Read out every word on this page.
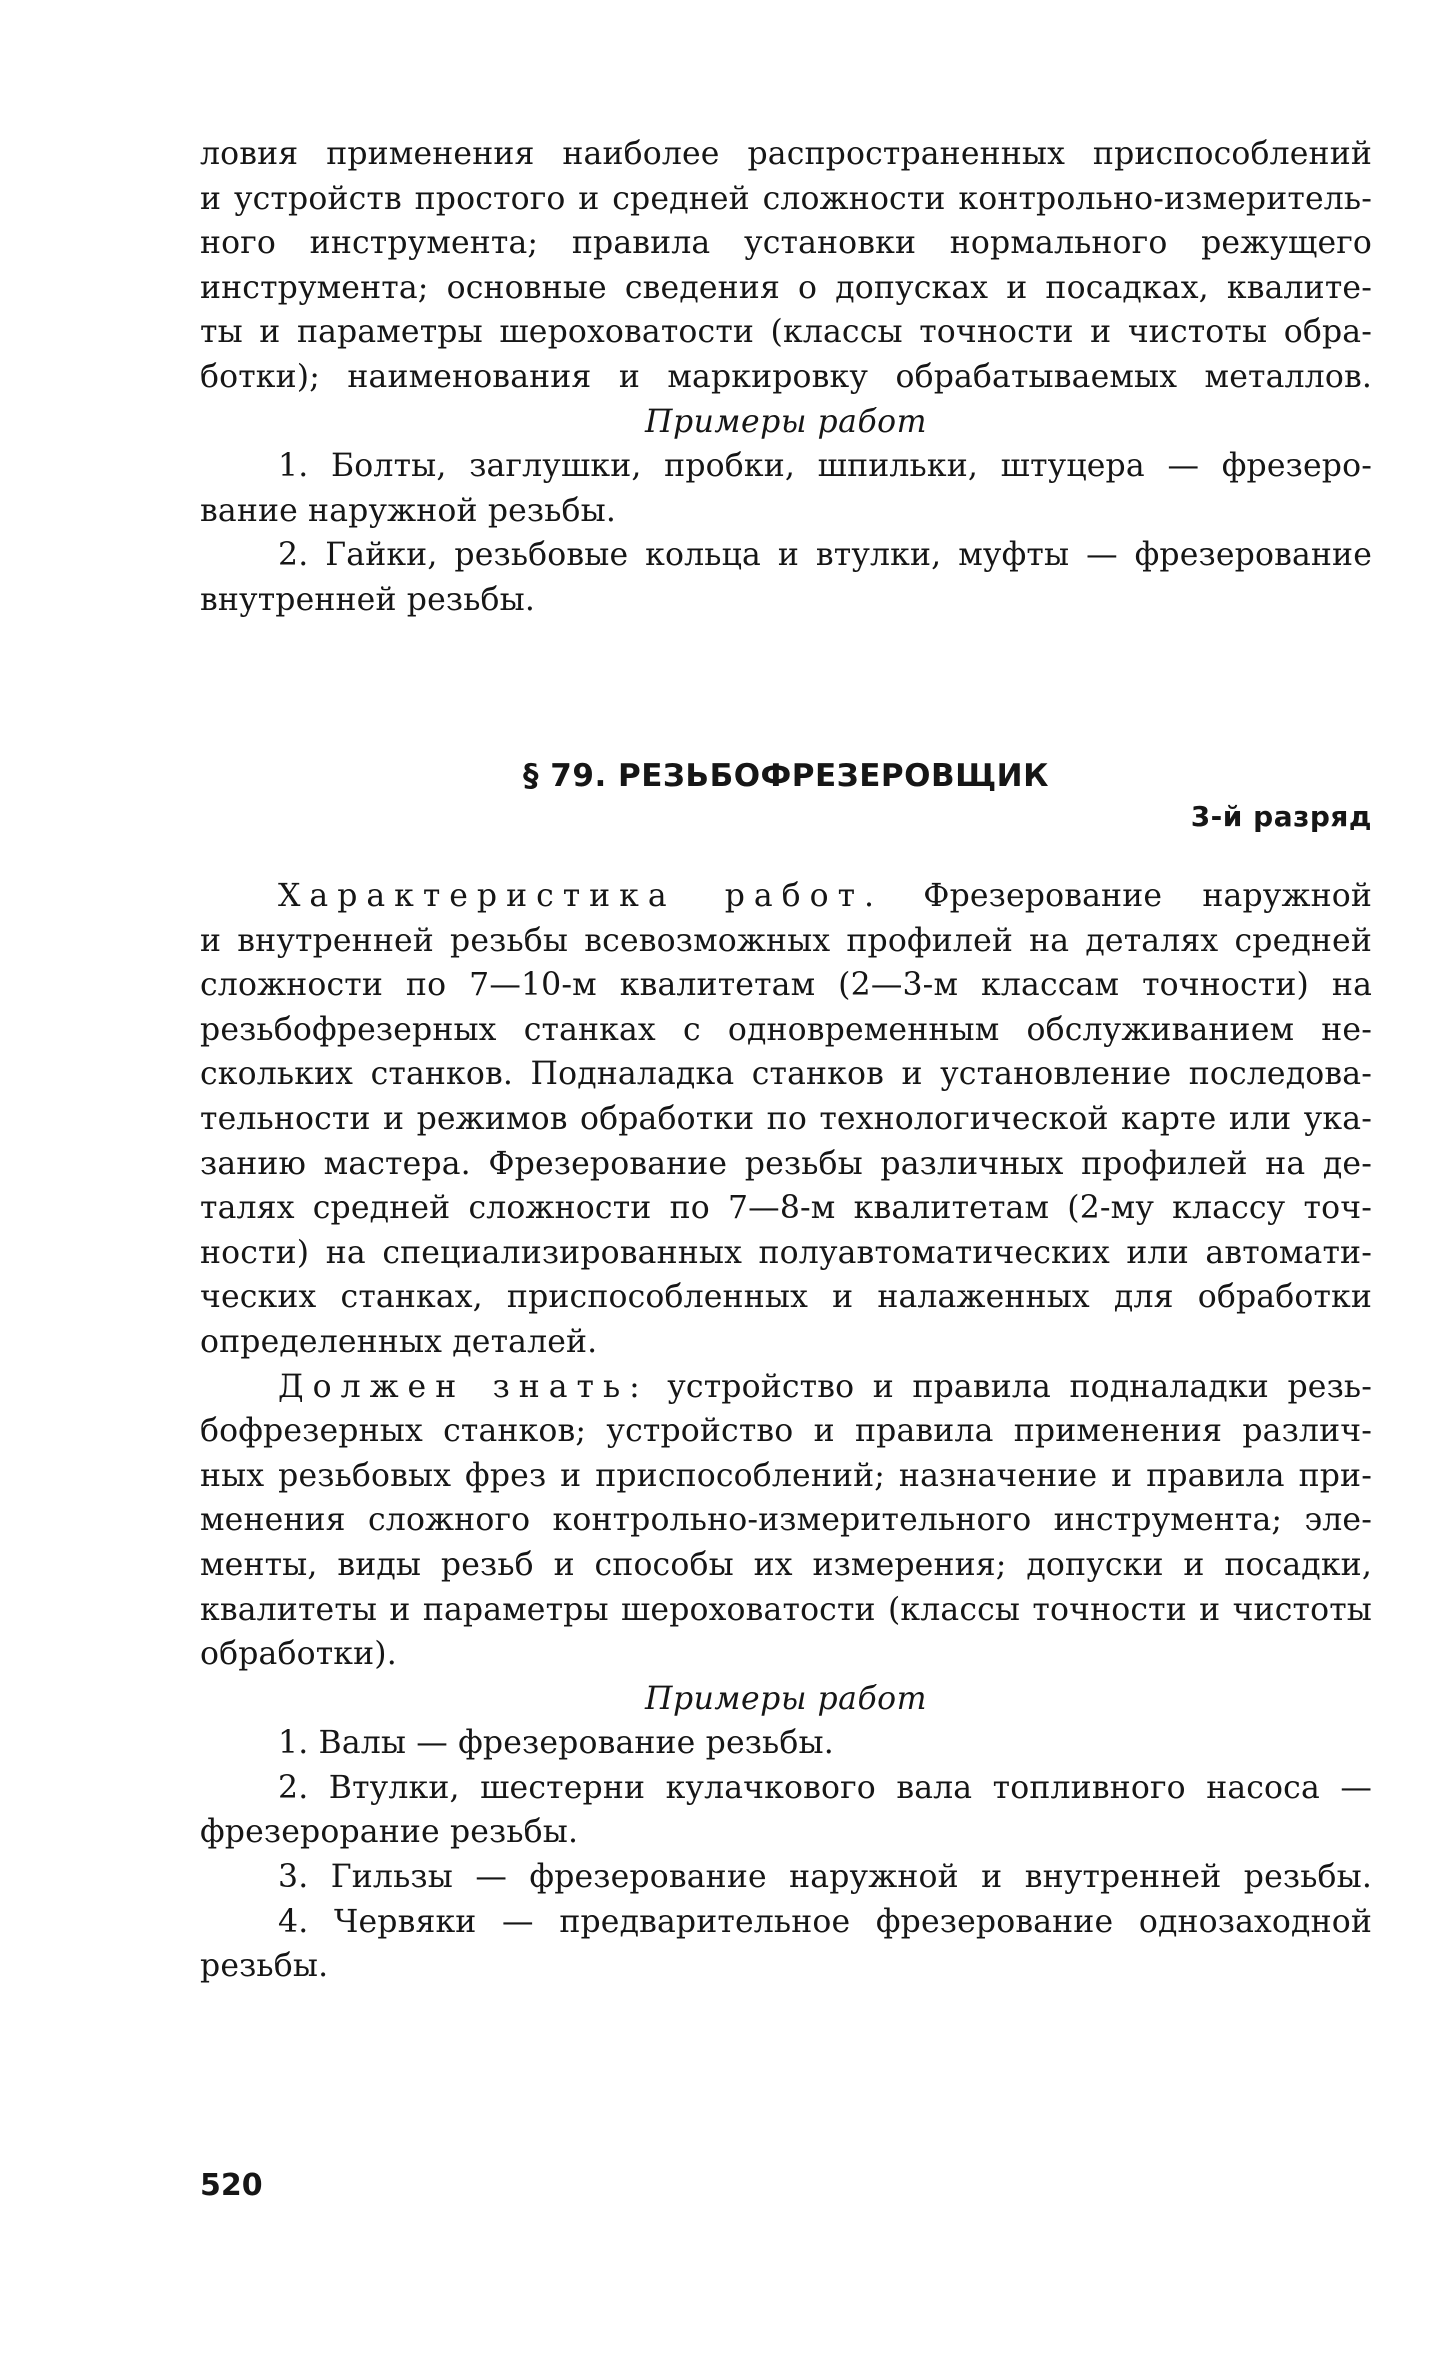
ловия применения наиболее распространенных приспособлений
и устройств простого и средней сложности контрольно-измеритель-
ного инструмента; правила установки нормального режущего
инструмента; основные сведения о допусках и посадках, квалите-
ты и параметры шероховатости (классы точности и чистоты обра-
ботки); наименования и маркировку обрабатываемых металлов.
Примеры работ
1. Болты, заглушки, пробки, шпильки, штуцера — фрезеро-
вание наружной резьбы.
2. Гайки, резьбовые кольца и втулки, муфты — фрезерование
внутренней резьбы.
§ 79. РЕЗЬБОФРЕЗЕРОВЩИК
3-й разряд
Характеристика работ. Фрезерование наружной
и внутренней резьбы всевозможных профилей на деталях средней
сложности по 7—10-м квалитетам (2—3-м классам точности) на
резьбофрезерных станках с одновременным обслуживанием не-
скольких станков. Подналадка станков и установление последова-
тельности и режимов обработки по технологической карте или ука-
занию мастера. Фрезерование резьбы различных профилей на де-
талях средней сложности по 7—8-м квалитетам (2-му классу точ-
ности) на специализированных полуавтоматических или автомати-
ческих станках, приспособленных и налаженных для обработки
определенных деталей.
Должен знать: устройство и правила подналадки резь-
бофрезерных станков; устройство и правила применения различ-
ных резьбовых фрез и приспособлений; назначение и правила при-
менения сложного контрольно-измерительного инструмента; эле-
менты, виды резьб и способы их измерения; допуски и посадки,
квалитеты и параметры шероховатости (классы точности и чистоты
обработки).
Примеры работ
1. Валы — фрезерование резьбы.
2. Втулки, шестерни кулачкового вала топливного насоса —
фрезерорание резьбы.
3. Гильзы — фрезерование наружной и внутренней резьбы.
4. Червяки — предварительное фрезерование однозаходной
резьбы.
520
